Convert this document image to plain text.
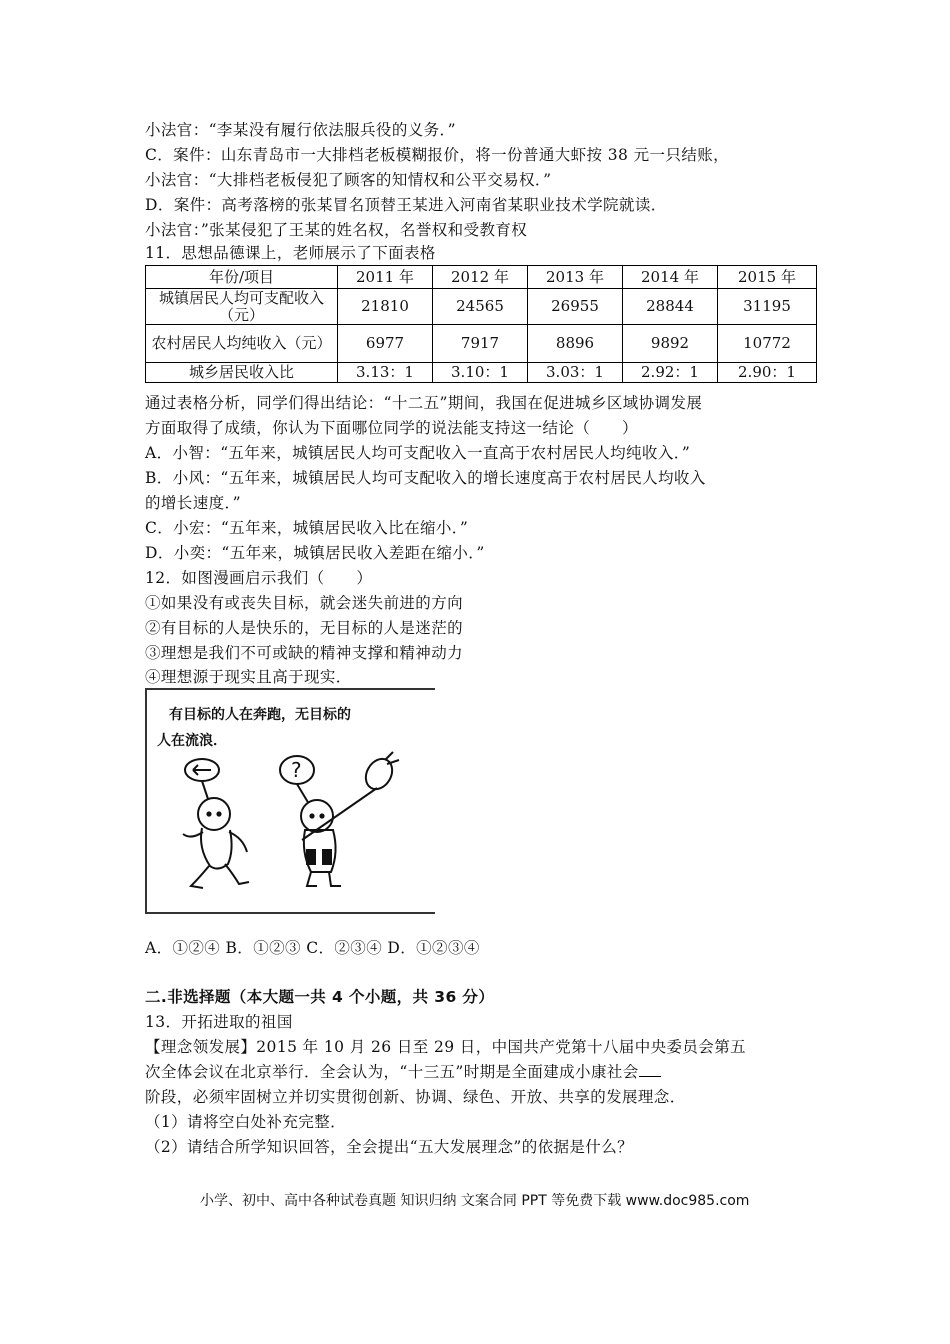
小法官：“李某没有履行依法服兵役的义务．”
C．案件：山东青岛市一大排档老板模糊报价，将一份普通大虾按 38 元一只结账，
小法官：“大排档老板侵犯了顾客的知情权和公平交易权．”
D．案件：高考落榜的张某冒名顶替王某进入河南省某职业技术学院就读．
小法官：”张某侵犯了王某的姓名权，名誉权和受教育权
11．思想品德课上，老师展示了下面表格
年份/项目	2011 年	2012 年	2013 年	2014 年	2015 年
城镇居民人均可支配收入（元）	21810	24565	26955	28844	31195
农村居民人均纯收入（元）	6977	7917	8896	9892	10772
城乡居民收入比	3.13：1	3.10：1	3.03：1	2.92：1	2.90：1
通过表格分析，同学们得出结论：“十二五”期间，我国在促进城乡区域协调发展
方面取得了成绩，你认为下面哪位同学的说法能支持这一结论（　　）
A．小智：“五年来，城镇居民人均可支配收入一直高于农村居民人均纯收入．”
B．小风：“五年来，城镇居民人均可支配收入的增长速度高于农村居民人均收入
的增长速度．”
C．小宏：“五年来，城镇居民收入比在缩小．”
D．小奕：“五年来，城镇居民收入差距在缩小．”
12．如图漫画启示我们（　　）
①如果没有或丧失目标，就会迷失前进的方向
②有目标的人是快乐的，无目标的人是迷茫的
③理想是我们不可或缺的精神支撑和精神动力
④理想源于现实且高于现实．
有目标的人在奔跑，无目标的
人在流浪．
?
A．①②④ B．①②③ C．②③④ D．①②③④
二.非选择题（本大题一共 4 个小题，共 36 分）
13．开拓进取的祖国
【理念领发展】2015 年 10 月 26 日至 29 日，中国共产党第十八届中央委员会第五
次全体会议在北京举行．全会认为，“十三五”时期是全面建成小康社会
阶段，必须牢固树立并切实贯彻创新、协调、绿色、开放、共享的发展理念．
（1）请将空白处补充完整．
（2）请结合所学知识回答，全会提出“五大发展理念”的依据是什么？
小学、初中、高中各种试卷真题 知识归纳 文案合同 PPT 等免费下载 www.doc985.com
